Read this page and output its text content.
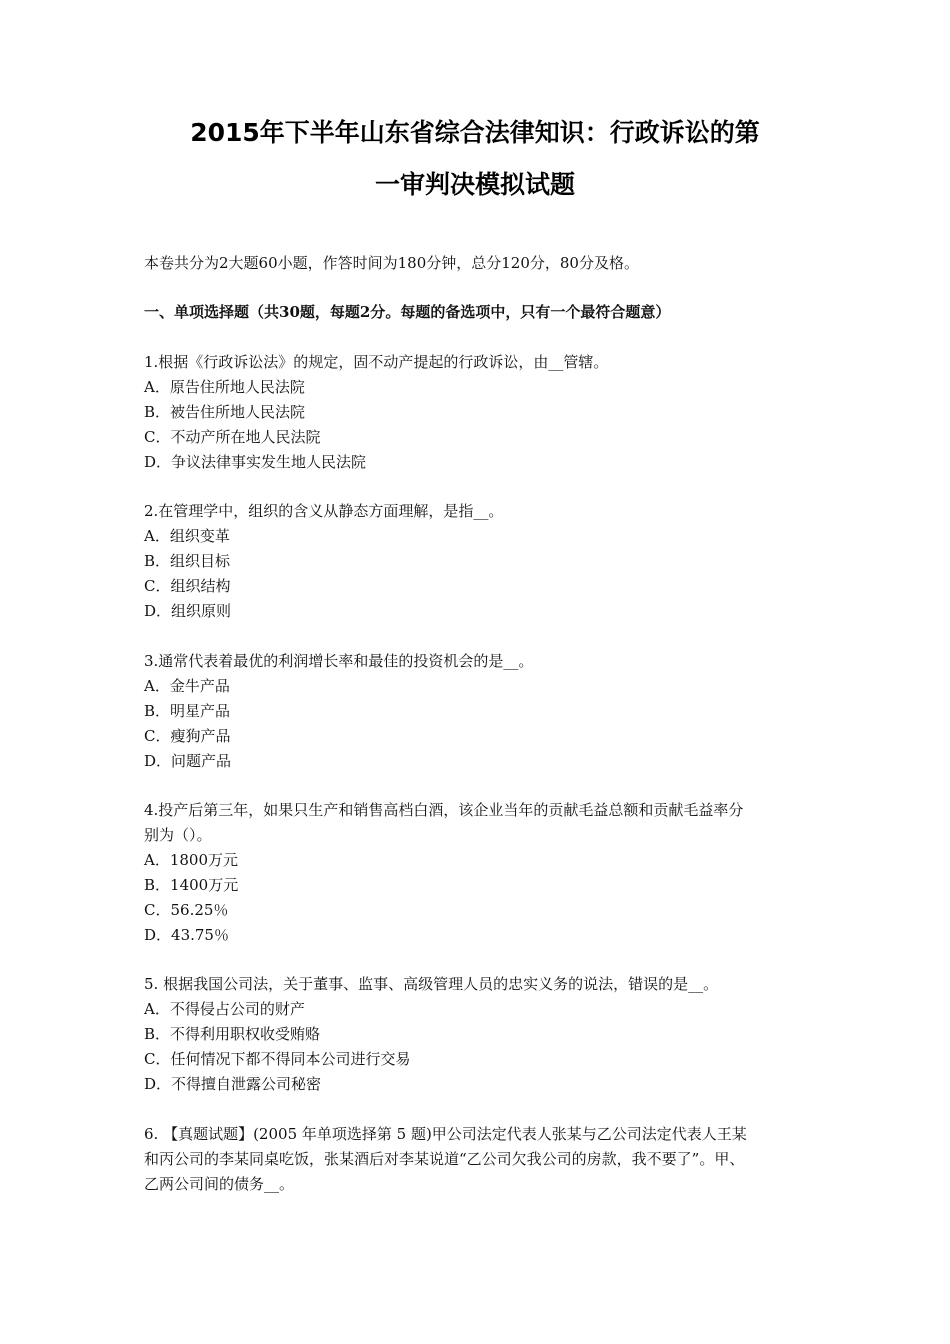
2015年下半年山东省综合法律知识：行政诉讼的第
一审判决模拟试题

本卷共分为2大题60小题，作答时间为180分钟，总分120分，80分及格。

一、单项选择题（共30题，每题2分。每题的备选项中，只有一个最符合题意）

1.根据《行政诉讼法》的规定，固不动产提起的行政诉讼，由__管辖。

A．原告住所地人民法院

B．被告住所地人民法院

C．不动产所在地人民法院

D．争议法律事实发生地人民法院

2.在管理学中，组织的含义从静态方面理解，是指__。

A．组织变革

B．组织目标

C．组织结构

D．组织原则

3.通常代表着最优的利润增长率和最佳的投资机会的是__。

A．金牛产品

B．明星产品

C．瘦狗产品

D．问题产品

4.投产后第三年，如果只生产和销售高档白酒，该企业当年的贡献毛益总额和贡献毛益率分

别为（）。

A．1800万元

B．1400万元

C．56.25％

D．43.75％

5. 根据我国公司法，关于董事、监事、高级管理人员的忠实义务的说法，错误的是__。

A．不得侵占公司的财产

B．不得利用职权收受贿赂

C．任何情况下都不得同本公司进行交易

D．不得擅自泄露公司秘密

6. 【真题试题】(2005 年单项选择第 5 题)甲公司法定代表人张某与乙公司法定代表人王某

和丙公司的李某同桌吃饭，张某酒后对李某说道“乙公司欠我公司的房款，我不要了”。甲、

乙两公司间的债务__。
